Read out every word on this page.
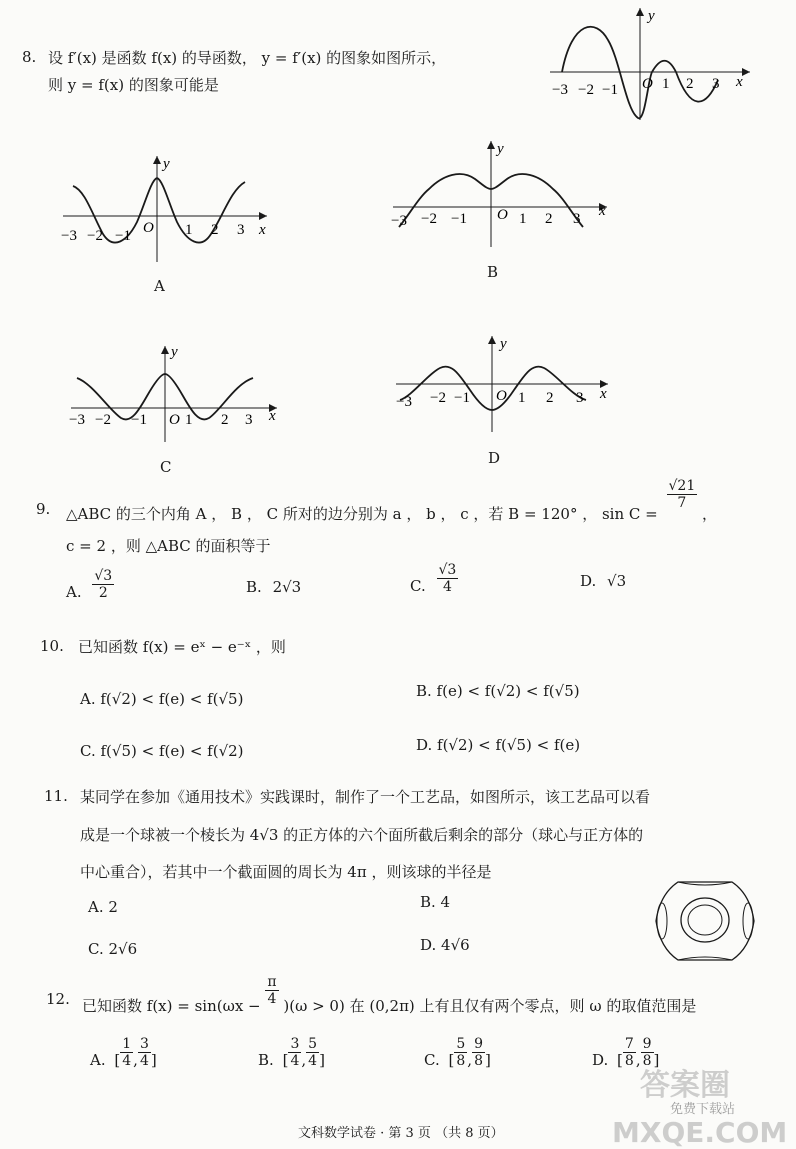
8. 设 f′(x) 是函数 f(x) 的导函数， y = f′(x) 的图象如图所示，
则 y = f(x) 的图象可能是
y
x
O
−3 −2 −1	1 2 3
y
x
O
−3 −2 −1	1 2 3
A
y
x
O
−3 −2 −1	1 2 3
B
y
x
O
−3 −2 −1	1 2 3
C
y
x
O
−3 −2 −1	1 2 3
D
9. △ABC 的三个内角 A ， B ， C 所对的边分别为 a ， b ， c ，若 B = 120° ， sin C =
$\frac{√21}{7}$
，
c = 2 ，则 △ABC 的面积等于
A. $\frac{√3}{2}$	B. 2√3	C. $\frac{√3}{4}$	D. √3
10. 已知函数 f(x) = eˣ − e⁻ˣ ，则
A. f(√2) < f(e) < f(√5)	B. f(e) < f(√2) < f(√5)
C. f(√5) < f(e) < f(√2)	D. f(√2) < f(√5) < f(e)
11. 某同学在参加《通用技术》实践课时，制作了一个工艺品，如图所示，该工艺品可以看
成是一个球被一个棱长为 4√3 的正方体的六个面所截后剩余的部分（球心与正方体的
中心重合），若其中一个截面圆的周长为 4π ，则该球的半径是
A. 2	B. 4
C. 2√6	D. 4√6
12. 已知函数 $f(x) = \sin(\omega x - \frac{\pi}{4} )(\omega > 0)$ 在 (0,2π) 上有且仅有两个零点，则 ω 的取值范围是
A. [ $\frac{1}{4}$ , $\frac{3}{4}$ ]	B. [ $\frac{3}{4}$ , $\frac{5}{4}$ ]	C. [ $\frac{5}{8}$ , $\frac{9}{8}$ ]	D. [ $\frac{7}{8}$ , $\frac{9}{8}$ ]
答案圈
免费下载站
MXQE.COM
文科数学试卷 · 第 3 页 （共 8 页）
